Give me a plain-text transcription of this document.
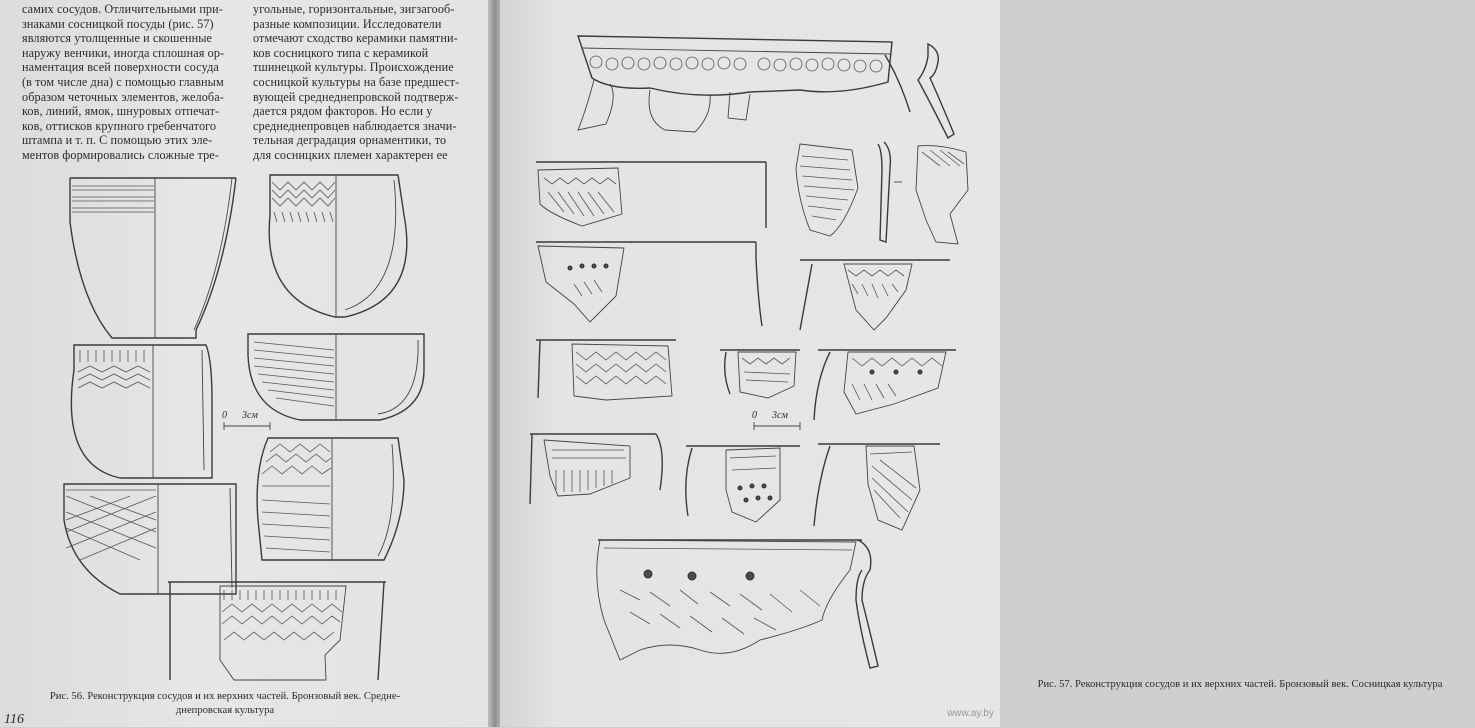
самих сосудов. Отличительными при-
знаками сосницкой посуды (рис. 57)
являются утолщенные и скошенные
наружу венчики, иногда сплошная ор-
наментация всей поверхности сосуда
(в том числе дна) с помощью главным
образом четочных элементов, желоба-
ков, линий, ямок, шнуровых отпечат-
ков, оттисков крупного гребенчатого
штампа и т. п. С помощью этих эле-
ментов формировались сложные тре-
0      3см
Рис. 56. Реконструкция сосудов и их верхних частей. Бронзовый век. Средне-
днепровская культура
116
угольные, горизонтальные, зигзагооб-
разные композиции. Исследователи
отмечают сходство керамики памятни-
ков сосницкого типа с керамикой
тшинецкой культуры. Происхождение
сосницкой культуры на базе предшест-
вующей среднеднепровской подтверж-
дается рядом факторов. Но если у
среднеднепровцев наблюдается значи-
тельная деградация орнаментики, то
для сосницких племен характерен ее
0      3см
Рис. 57. Реконструкция сосудов и их верхних частей. Бронзовый век. Сосницкая культура
www.ay.by
